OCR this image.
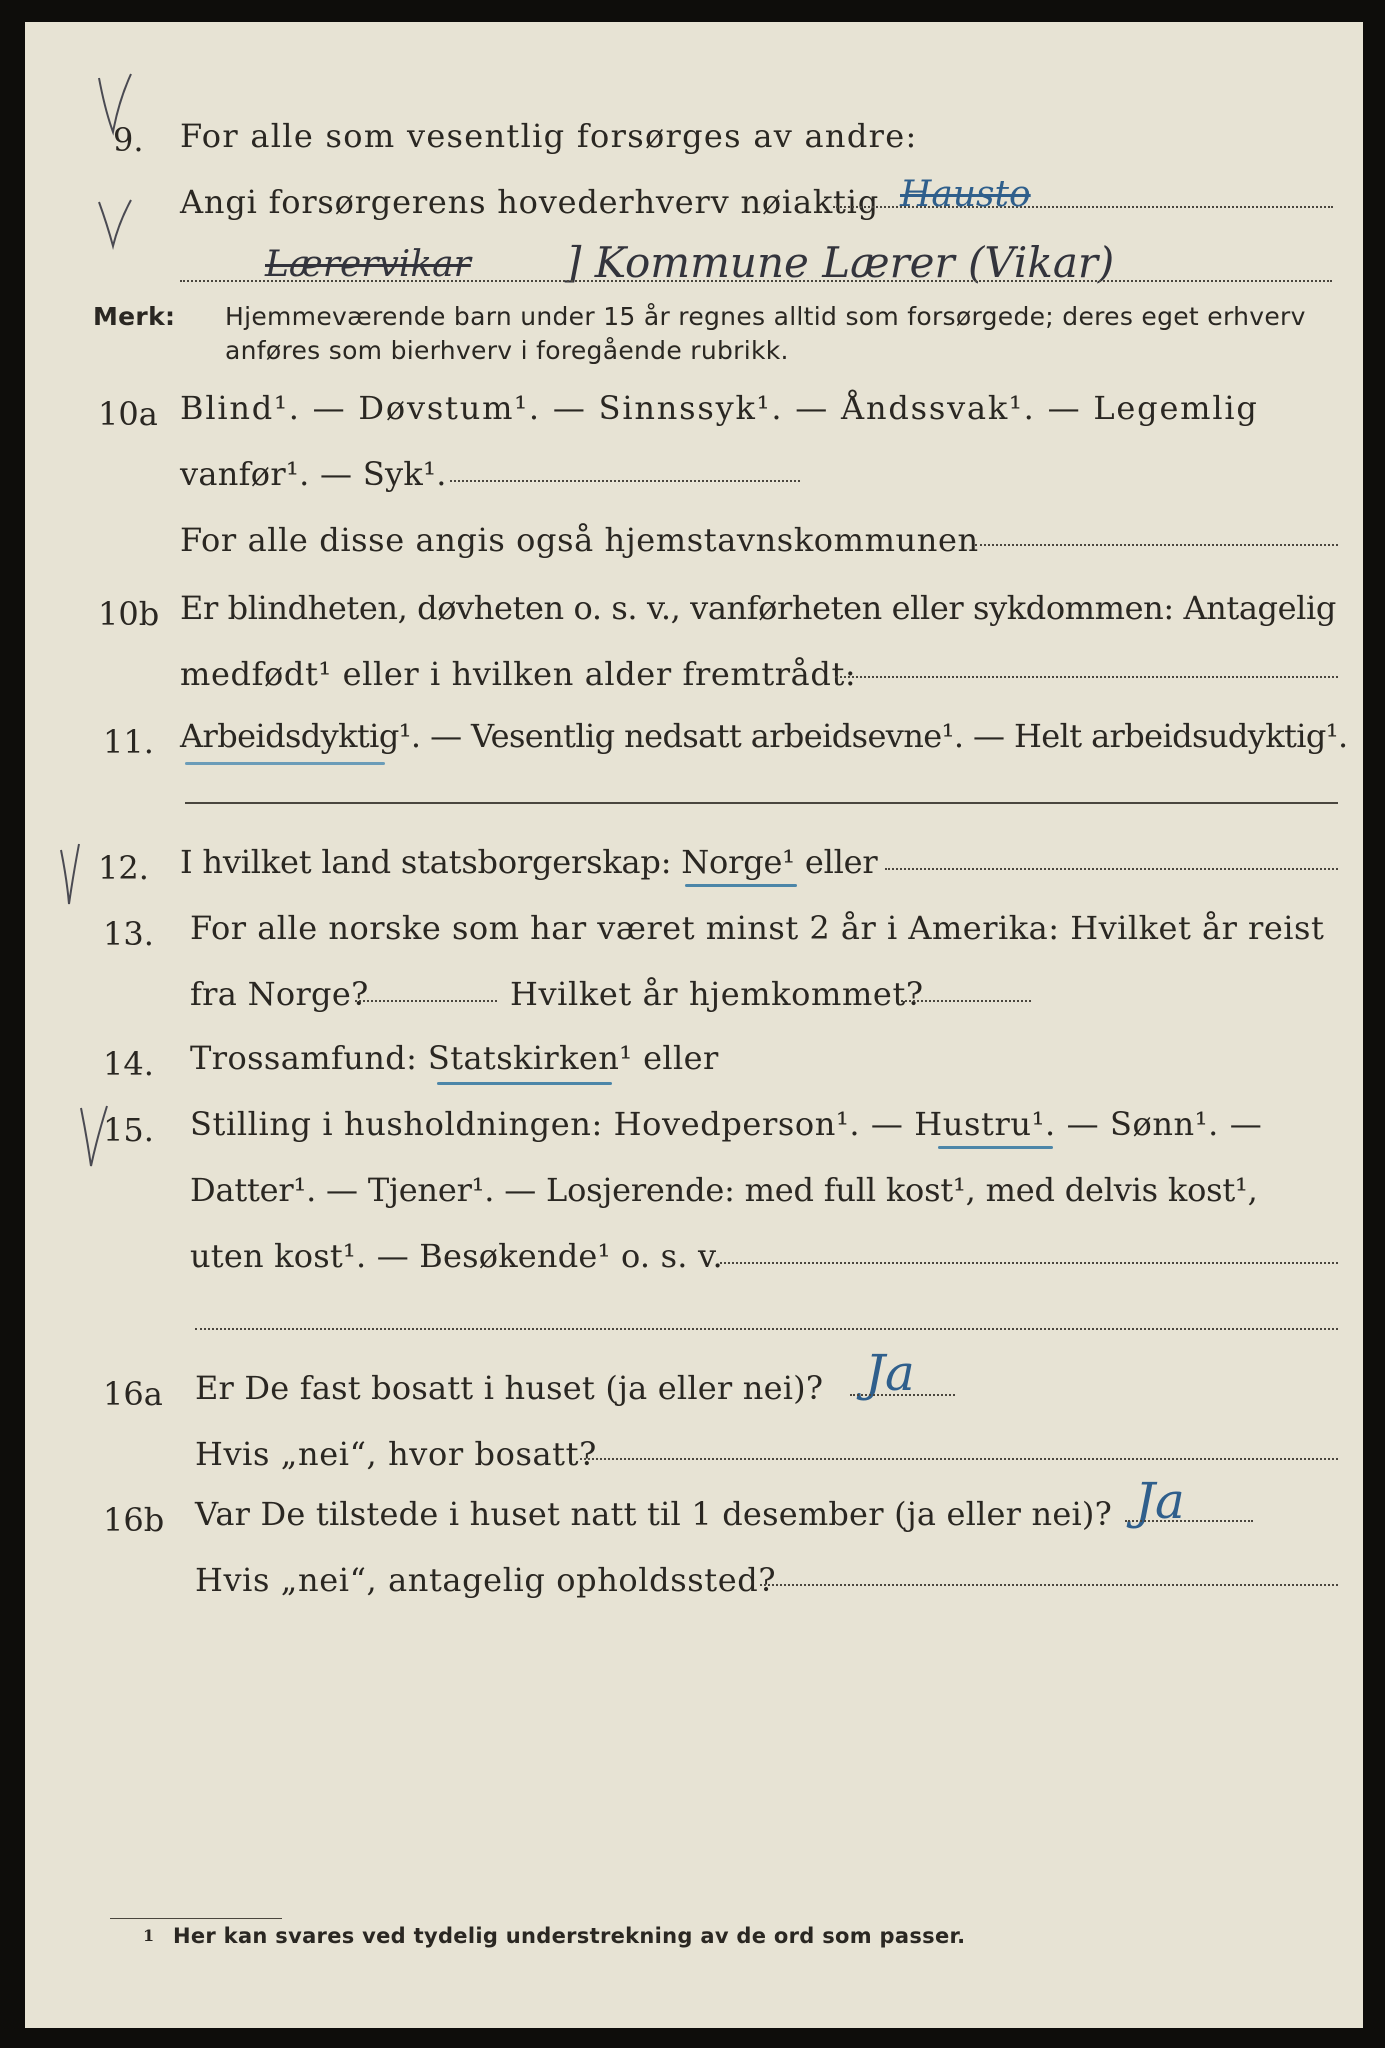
9. For alle som vesentlig forsørges av andre:
Angi forsørgerens hovederhverv nøiaktig Hausto
Lærervikar ] Kommune Lærer (Vikar)
Merk: Hjemmeværende barn under 15 år regnes alltid som forsørgede; deres eget erhverv
anføres som bierhverv i foregående rubrikk.
10a Blind¹. — Døvstum¹. — Sinnssyk¹. — Åndssvak¹. — Legemlig
vanfør¹. — Syk¹.
For alle disse angis også hjemstavnskommunen
10b Er blindheten, døvheten o. s. v., vanførheten eller sykdommen: Antagelig
medfødt¹ eller i hvilken alder fremtrådt:
11. Arbeidsdyktig¹. — Vesentlig nedsatt arbeidsevne¹. — Helt arbeidsudyktig¹.
12. I hvilket land statsborgerskap: Norge¹ eller
13. For alle norske som har været minst 2 år i Amerika: Hvilket år reist
fra Norge?	Hvilket år hjemkommet?
14. Trossamfund: Statskirken¹ eller
15. Stilling i husholdningen: Hovedperson¹. — Hustru¹. — Sønn¹. —
Datter¹. — Tjener¹. — Losjerende: med full kost¹, med delvis kost¹,
uten kost¹. — Besøkende¹ o. s. v.
16a Er De fast bosatt i huset (ja eller nei)? Ja
Hvis „nei“, hvor bosatt?
16b Var De tilstede i huset natt til 1 desember (ja eller nei)? Ja
Hvis „nei“, antagelig opholdssted?
1 Her kan svares ved tydelig understrekning av de ord som passer.
